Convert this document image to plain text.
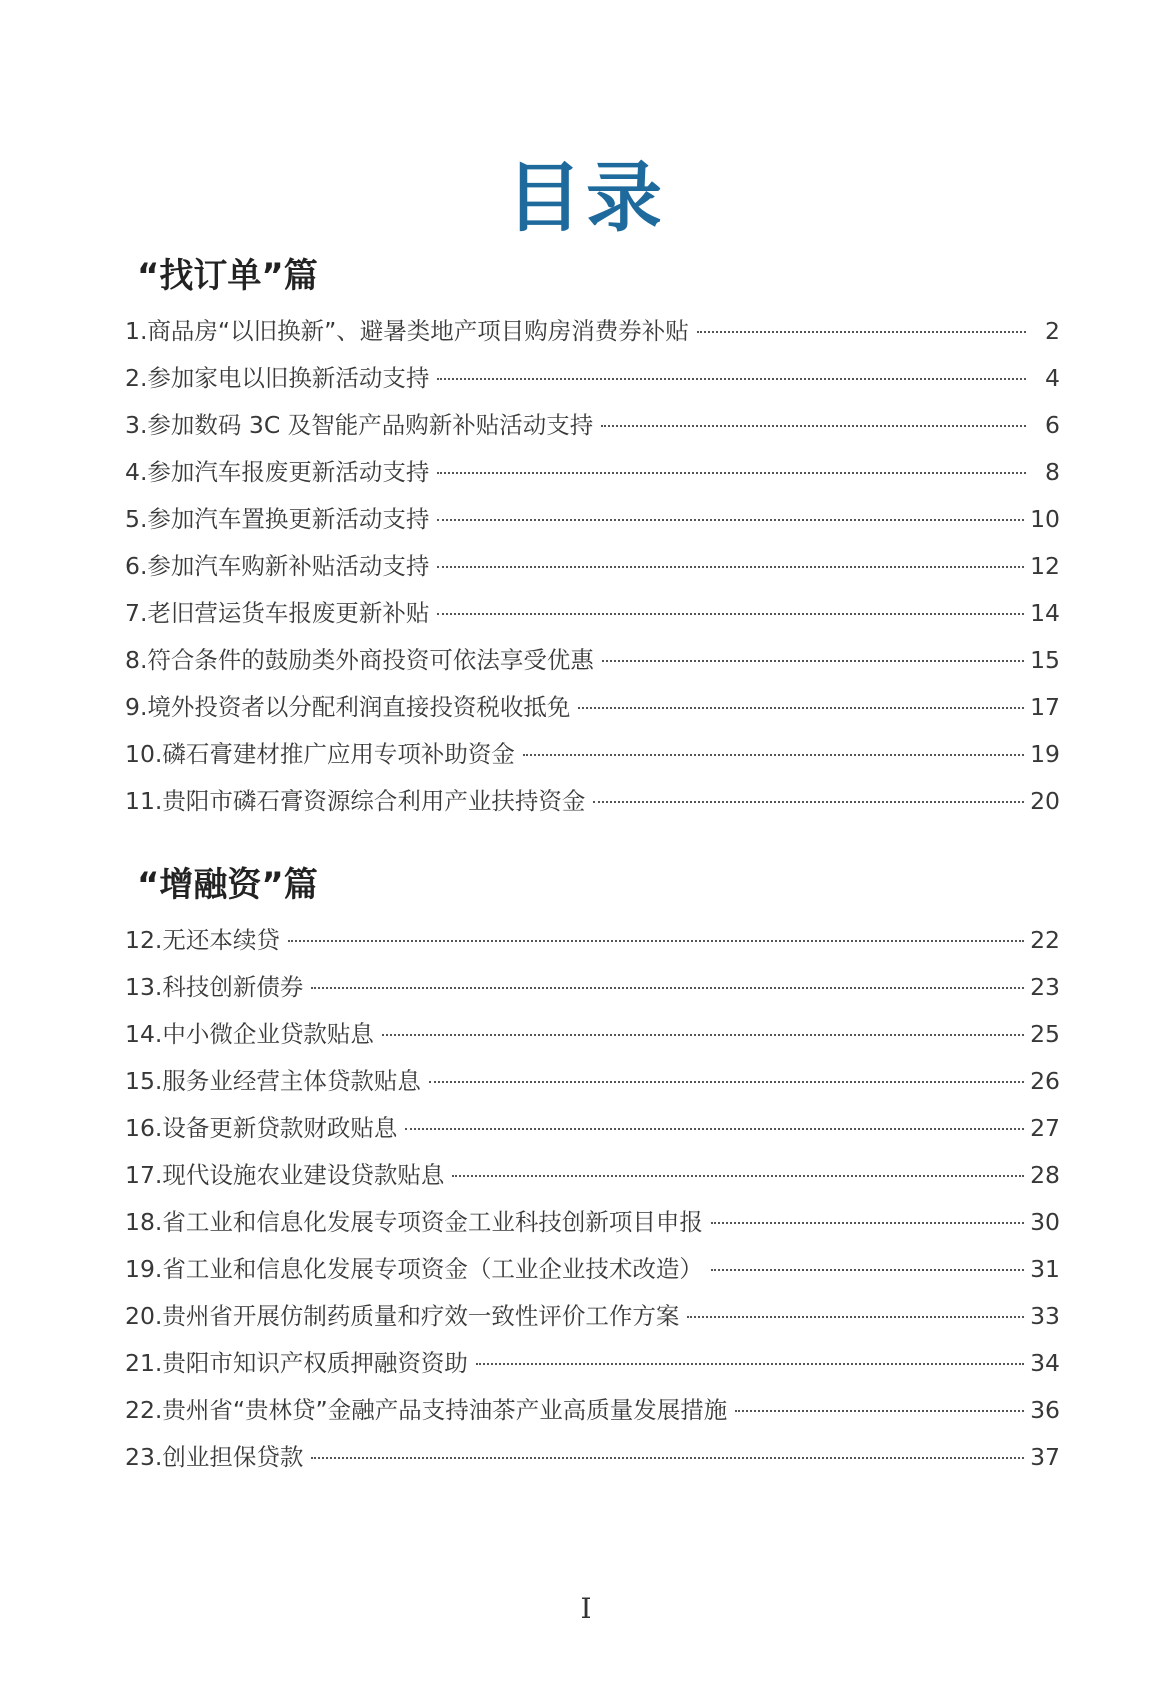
目录
“找订单”篇
1.商品房“以旧换新”、避暑类地产项目购房消费券补贴	2
2.参加家电以旧换新活动支持	4
3.参加数码 3C 及智能产品购新补贴活动支持	6
4.参加汽车报废更新活动支持	8
5.参加汽车置换更新活动支持	10
6.参加汽车购新补贴活动支持	12
7.老旧营运货车报废更新补贴	14
8.符合条件的鼓励类外商投资可依法享受优惠	15
9.境外投资者以分配利润直接投资税收抵免	17
10.磷石膏建材推广应用专项补助资金	19
11.贵阳市磷石膏资源综合利用产业扶持资金	20
“增融资”篇
12.无还本续贷	22
13.科技创新债券	23
14.中小微企业贷款贴息	25
15.服务业经营主体贷款贴息	26
16.设备更新贷款财政贴息	27
17.现代设施农业建设贷款贴息	28
18.省工业和信息化发展专项资金工业科技创新项目申报	30
19.省工业和信息化发展专项资金（工业企业技术改造）	31
20.贵州省开展仿制药质量和疗效一致性评价工作方案	33
21.贵阳市知识产权质押融资资助	34
22.贵州省“贵林贷”金融产品支持油茶产业高质量发展措施	36
23.创业担保贷款	37
I
